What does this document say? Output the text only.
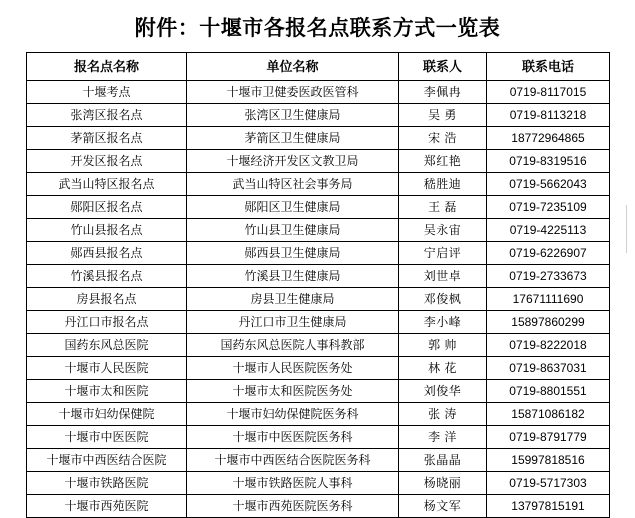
附件：十堰市各报名点联系方式一览表
报名点名称	单位名称	联系人	联系电话
十堰考点	十堰市卫健委医政医管科	李佩冉	0719-8117015
张湾区报名点	张湾区卫生健康局	吴 勇	0719-8113218
茅箭区报名点	茅箭区卫生健康局	宋 浩	18772964865
开发区报名点	十堰经济开发区文教卫局	郑红艳	0719-8319516
武当山特区报名点	武当山特区社会事务局	嵇胜迪	0719-5662043
郧阳区报名点	郧阳区卫生健康局	王 磊	0719-7235109
竹山县报名点	竹山县卫生健康局	吴永宙	0719-4225113
郧西县报名点	郧西县卫生健康局	宁启评	0719-6226907
竹溪县报名点	竹溪县卫生健康局	刘世卓	0719-2733673
房县报名点	房县卫生健康局	邓俊枫	17671111690
丹江口市报名点	丹江口市卫生健康局	李小峰	15897860299
国药东风总医院	国药东风总医院人事科教部	郭 帅	0719-8222018
十堰市人民医院	十堰市人民医院医务处	林 花	0719-8637031
十堰市太和医院	十堰市太和医院医务处	刘俊华	0719-8801551
十堰市妇幼保健院	十堰市妇幼保健院医务科	张 涛	15871086182
十堰市中医医院	十堰市中医医院医务科	李 洋	0719-8791779
十堰市中西医结合医院	十堰市中西医结合医院医务科	张晶晶	15997818516
十堰市铁路医院	十堰市铁路医院人事科	杨晓丽	0719-5717303
十堰市西苑医院	十堰市西苑医院医务科	杨文军	13797815191
